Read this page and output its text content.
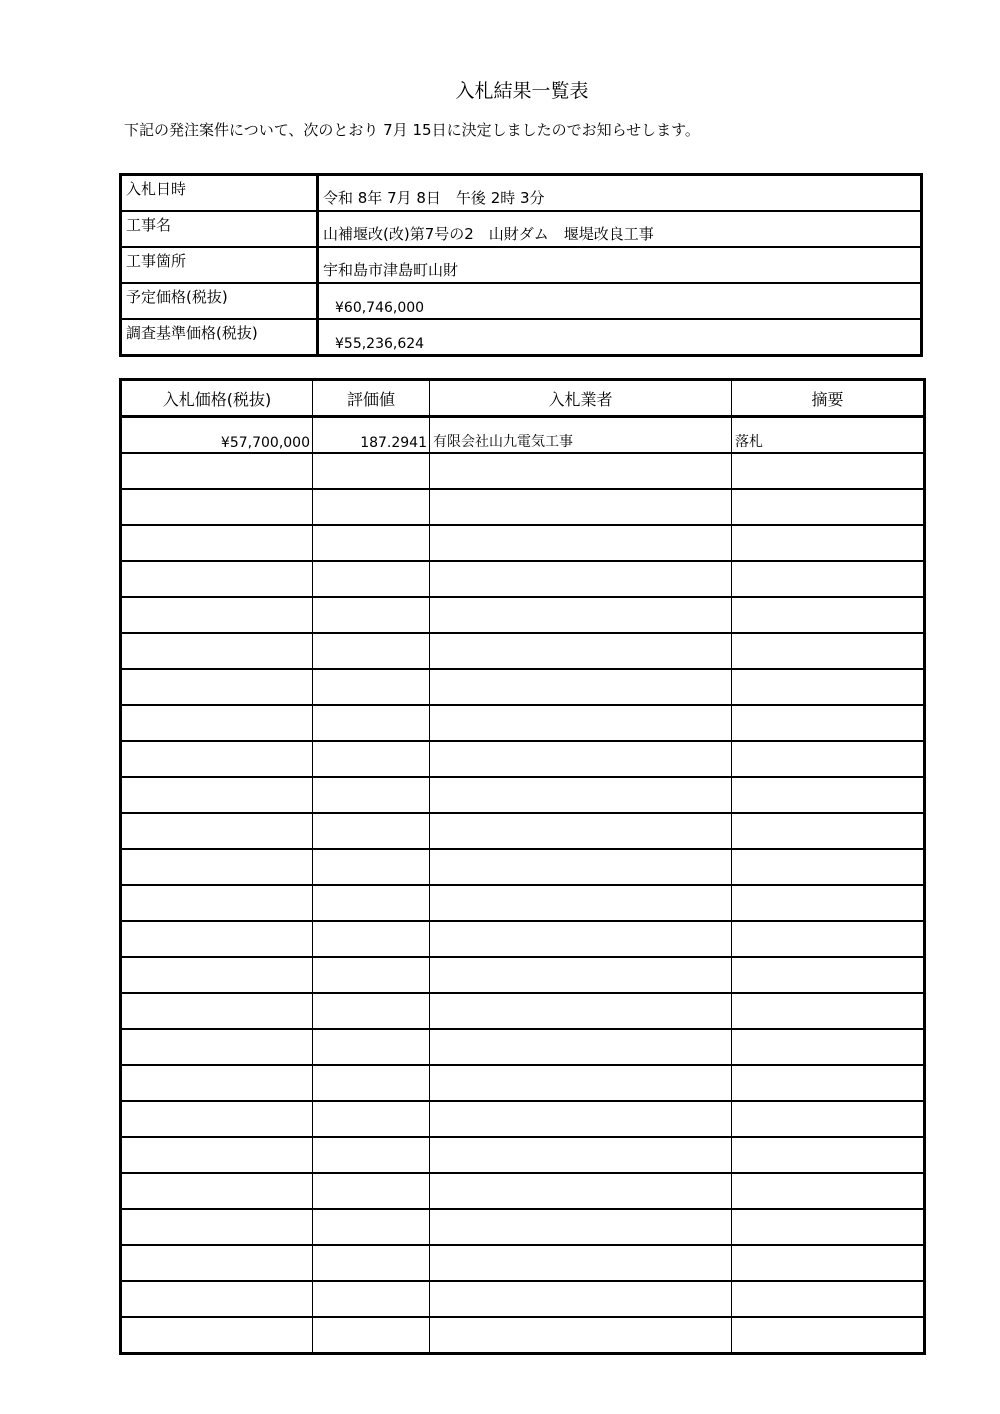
入札結果一覧表
下記の発注案件について、次のとおり 7月 15日に決定しましたのでお知らせします。
入札日時	令和 8年 7月 8日　午後 2時 3分
工事名	山補堰改(改)第7号の2　山財ダム　堰堤改良工事
工事箇所	宇和島市津島町山財
予定価格(税抜)	¥60,746,000
調査基準価格(税抜)	¥55,236,624
入札価格(税抜)	評価値	入札業者	摘要
¥57,700,000	187.2941	有限会社山九電気工事	落札
